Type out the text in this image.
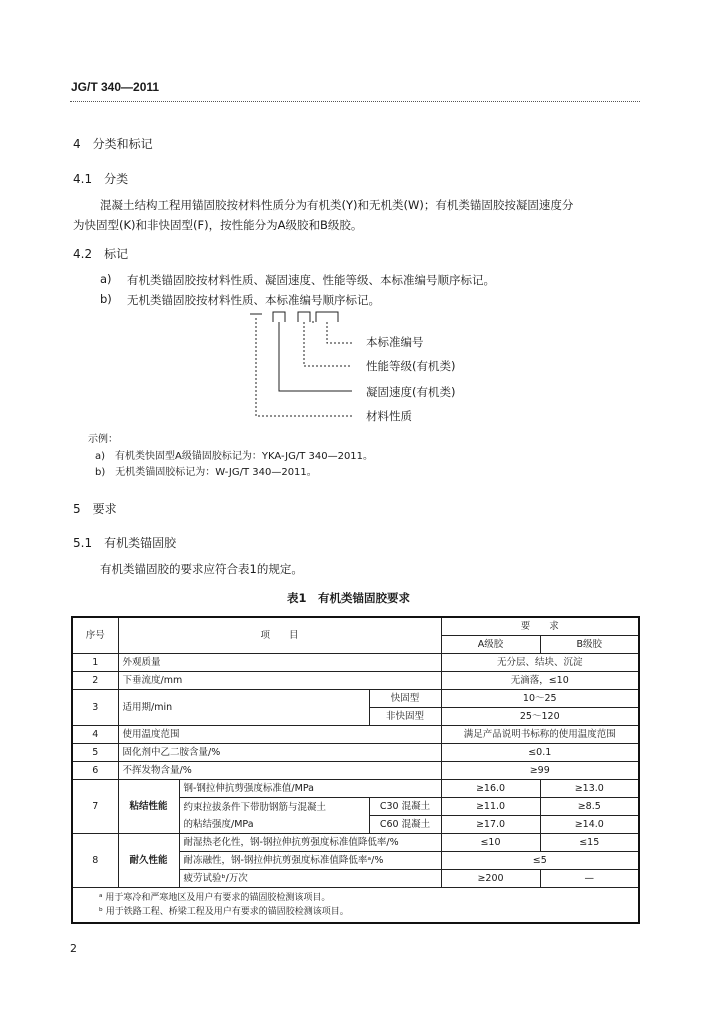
JG/T 340—2011
4　分类和标记
4.1　分类
混凝土结构工程用锚固胶按材料性质分为有机类(Y)和无机类(W)；有机类锚固胶按凝固速度分
为快固型(K)和非快固型(F)，按性能分为A级胶和B级胶。
4.2　标记
a) 有机类锚固胶按材料性质、凝固速度、性能等级、本标准编号顺序标记。
b) 无机类锚固胶按材料性质、本标准编号顺序标记。
本标准编号
性能等级(有机类)
凝固速度(有机类)
材料性质
示例：
a)　有机类快固型A级锚固胶标记为：YKA-JG/T 340—2011。
b)　无机类锚固胶标记为：W-JG/T 340—2011。
5　要求
5.1　有机类锚固胶
有机类锚固胶的要求应符合表1的规定。
表1　有机类锚固胶要求
序号	项　　目			要　　求	
				A级胶	B级胶
1	外观质量			无分层、结块、沉淀	
2	下垂流度/mm			无滴落，≤10	
3	适用期/min		快固型	10～25	
			非快固型	25～120	
4	使用温度范围			满足产品说明书标称的使用温度范围	
5	固化剂中乙二胺含量/%			≤0.1	
6	不挥发物含量/%			≥99	
7	粘结性能	钢-钢拉伸抗剪强度标准值/MPa		≥16.0	≥13.0

		约束拉拔条件下带肋钢筋与混凝土
的粘结强度/MPa	C30 混凝土	≥11.0	≥8.5
			C60 混凝土	≥17.0	≥14.0
8	耐久性能	耐湿热老化性，钢-钢拉伸抗剪强度标准值降低率/%		≤10	≤15
		耐冻融性，钢-钢拉伸抗剪强度标准值降低率ᵃ/%		≤5	
		疲劳试验ᵇ/万次		≥200	—
ᵃ 用于寒冷和严寒地区及用户有要求的锚固胶检测该项目。					
ᵇ 用于铁路工程、桥梁工程及用户有要求的锚固胶检测该项目。					
2
